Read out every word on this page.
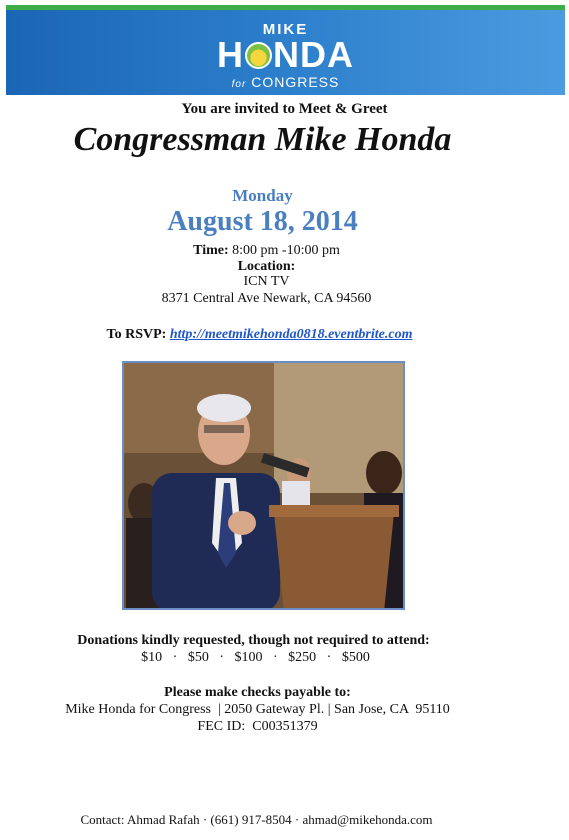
MIKE
H NDA
for CONGRESS
You are invited to Meet & Greet
Congressman Mike Honda
Monday
August 18, 2014
Time: 8:00 pm -10:00 pm
Location:
ICN TV
8371 Central Ave Newark, CA 94560
To RSVP: http://meetmikehonda0818.eventbrite.com
Donations kindly requested, though not required to attend:
$10   ·   $50   ·   $100   ·   $250   ·   $500
Please make checks payable to:
Mike Honda for Congress  | 2050 Gateway Pl. | San Jose, CA  95110
FEC ID:  C00351379
Contact: Ahmad Rafah · (661) 917-8504 · ahmad@mikehonda.com
